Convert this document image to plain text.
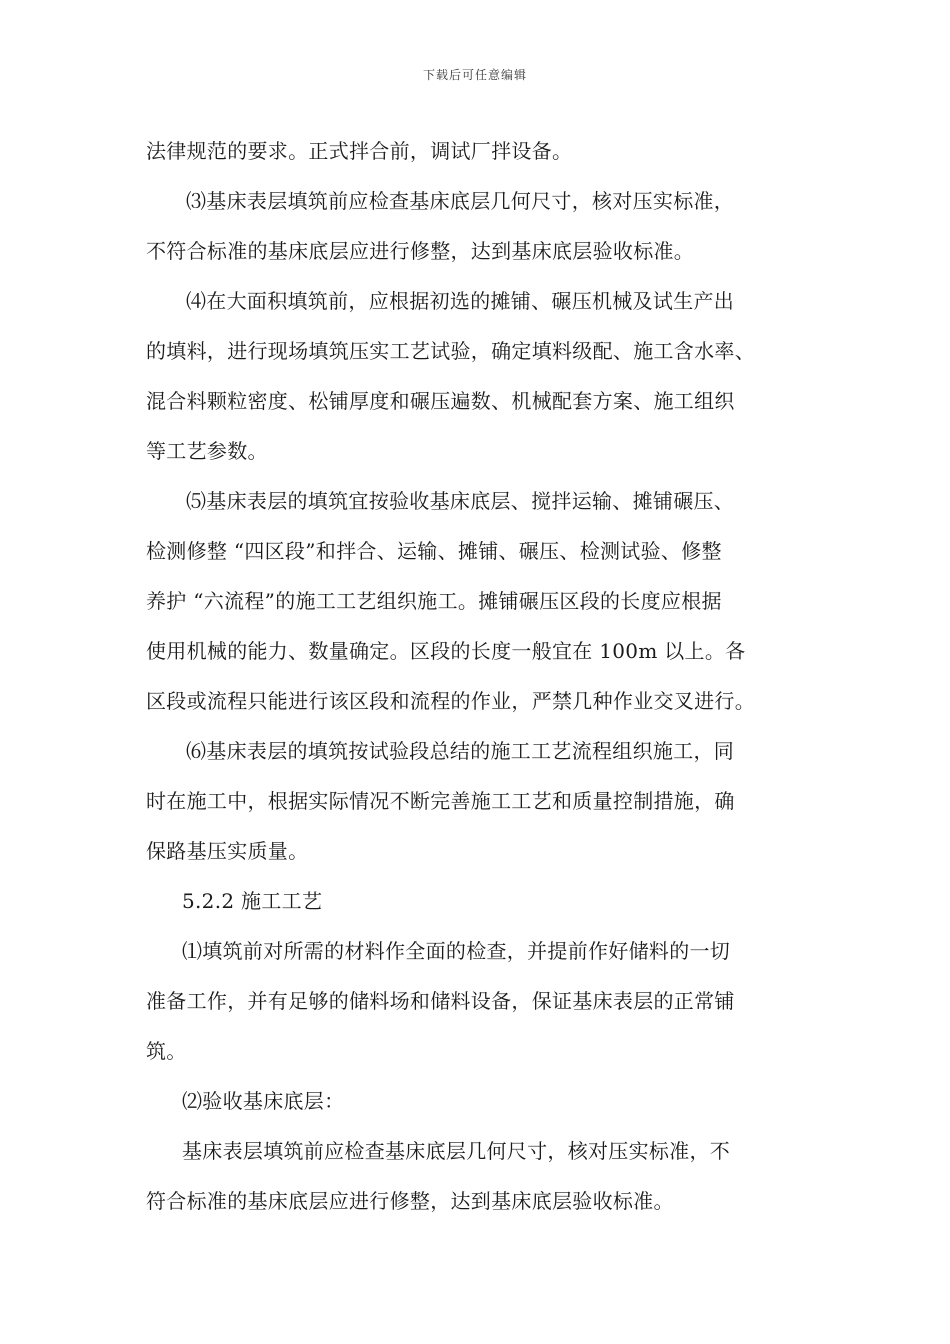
下载后可任意编辑
法律规范的要求。正式拌合前，调试厂拌设备。
⑶基床表层填筑前应检查基床底层几何尺寸，核对压实标准，
不符合标准的基床底层应进行修整，达到基床底层验收标准。
⑷在大面积填筑前，应根据初选的摊铺、碾压机械及试生产出
的填料，进行现场填筑压实工艺试验，确定填料级配、施工含水率、
混合料颗粒密度、松铺厚度和碾压遍数、机械配套方案、施工组织
等工艺参数。
⑸基床表层的填筑宜按验收基床底层、搅拌运输、摊铺碾压、
检测修整 “四区段”和拌合、运输、摊铺、碾压、检测试验、修整
养护 “六流程”的施工工艺组织施工。摊铺碾压区段的长度应根据
使用机械的能力、数量确定。区段的长度一般宜在 100m 以上。各
区段或流程只能进行该区段和流程的作业，严禁几种作业交叉进行。
⑹基床表层的填筑按试验段总结的施工工艺流程组织施工，同
时在施工中，根据实际情况不断完善施工工艺和质量控制措施，确
保路基压实质量。
5.2.2 施工工艺
⑴填筑前对所需的材料作全面的检查，并提前作好储料的一切
准备工作，并有足够的储料场和储料设备，保证基床表层的正常铺
筑。
⑵验收基床底层：
基床表层填筑前应检查基床底层几何尺寸，核对压实标准，不
符合标准的基床底层应进行修整，达到基床底层验收标准。
